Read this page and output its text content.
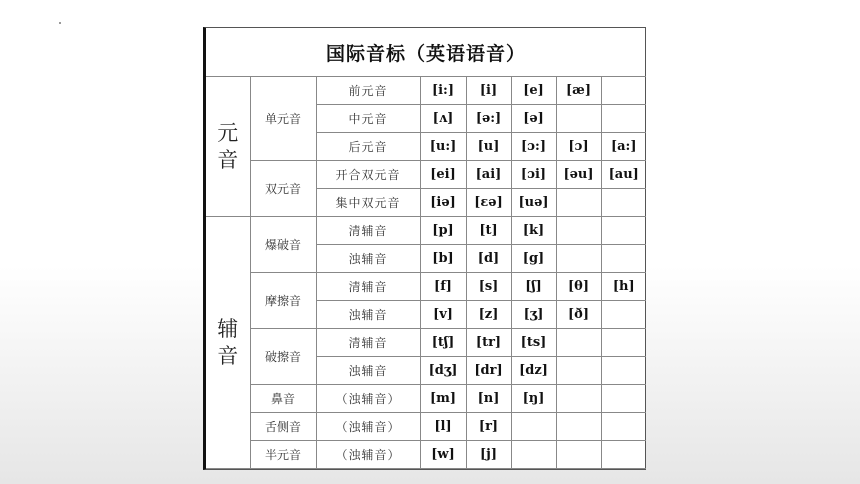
国际音标（英语语音）							
元
音	单元音	前元音	[i:]	[i]	[e]	[æ]	
		中元音	[ʌ]	[ə:]	[ə]		
		后元音	[u:]	[u]	[ɔ:]	[ɔ]	[a:]
	双元音	开合双元音	[ei]	[ai]	[ɔi]	[əu]	[au]
		集中双元音	[iə]	[ɛə]	[uə]		
辅
音	爆破音	清辅音	[p]	[t]	[k]		
		浊辅音	[b]	[d]	[g]		
	摩擦音	清辅音	[f]	[s]	[ʃ]	[θ]	[h]
		浊辅音	[v]	[z]	[ʒ]	[ð]	
	破擦音	清辅音	[tʃ]	[tr]	[ts]		
		浊辅音	[dʒ]	[dr]	[dz]		
	鼻音	（浊辅音）	[m]	[n]	[ŋ]		
	舌侧音	（浊辅音）	[l]	[r]			
	半元音	（浊辅音）	[w]	[j]			
